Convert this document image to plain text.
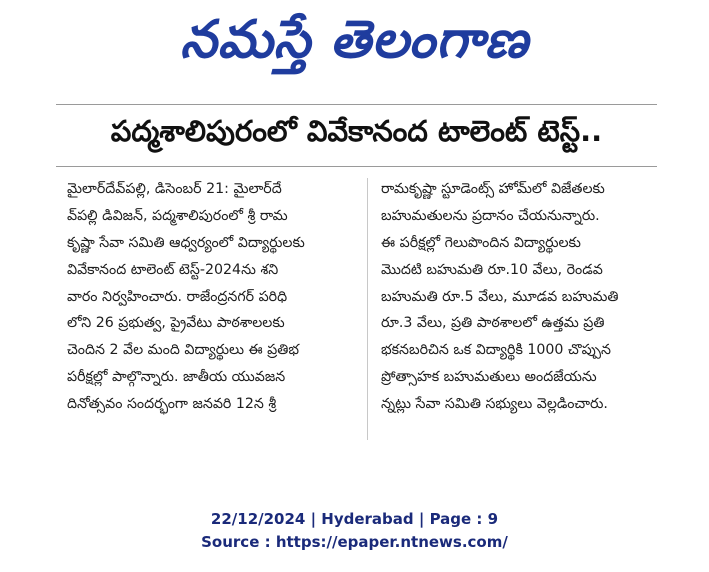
నమస్తే తెలంగాణ
పద్మశాలిపురంలో వివేకానంద టాలెంట్ టెస్ట్..
మైలార్‌దేవ్‌పల్లి, డిసెంబర్ 21: మైలార్‌దే
వ్‌పల్లి డివిజన్, పద్మశాలిపురంలో శ్రీ రామ
కృష్ణా సేవా సమితి ఆధ్వర్యంలో విద్యార్థులకు
వివేకానంద టాలెంట్ టెస్ట్-2024ను శని
వారం నిర్వహించారు. రాజేంద్రనగర్ పరిధి
లోని 26 ప్రభుత్వ, ప్రైవేటు పాఠశాలలకు
చెందిన 2 వేల మంది విద్యార్థులు ఈ ప్రతిభ
పరీక్షల్లో పాల్గొన్నారు. జాతీయ యువజన
దినోత్సవం సందర్భంగా జనవరి 12న శ్రీ
రామకృష్ణా స్టూడెంట్స్ హోమ్‌లో విజేతలకు
బహుమతులను ప్రదానం చేయనున్నారు.
ఈ పరీక్షల్లో గెలుపొందిన విద్యార్థులకు
మొదటి బహుమతి రూ.10 వేలు, రెండవ
బహుమతి రూ.5 వేలు, మూడవ బహుమతి
రూ.3 వేలు, ప్రతి పాఠశాలలో ఉత్తమ ప్రతి
భకనబరిచిన ఒక విద్యార్థికి 1000 చొప్పున
ప్రోత్సాహక బహుమతులు అందజేయను
న్నట్లు సేవా సమితి సభ్యులు వెల్లడించారు.
22/12/2024 | Hyderabad | Page : 9
Source : https://epaper.ntnews.com/
